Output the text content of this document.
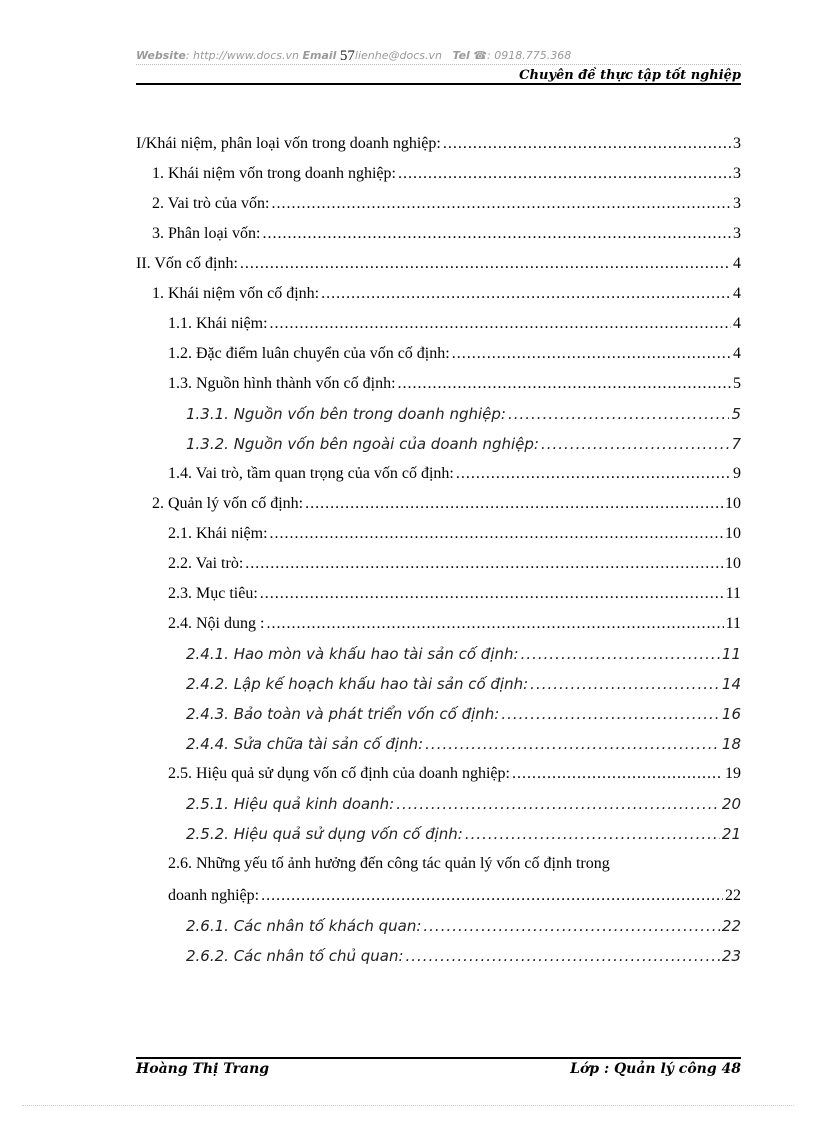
Website: http://www.docs.vn Email 57lienhe@docs.vn Tel ☎: 0918.775.368
Chuyên đề thực tập tốt nghiệp
I/Khái niệm, phân loại vốn trong doanh nghiệp: .....	3
1. Khái niệm vốn trong doanh nghiệp: .....	3
2. Vai trò của vốn: .....	3
3. Phân loại vốn: .....	3
II. Vốn cố định: .....	4
1. Khái niệm vốn cố định: .....	4
1.1. Khái niệm: .....	4
1.2. Đặc điểm luân chuyển của vốn cố định: .....	4
1.3. Nguồn hình thành vốn cố định: .....	5
1.3.1. Nguồn vốn bên trong doanh nghiệp: .....	5
1.3.2. Nguồn vốn bên ngoài của doanh nghiệp: .....	7
1.4. Vai trò, tầm quan trọng của vốn cố định: .....	9
2. Quản lý vốn cố định: .....	10
2.1. Khái niệm: .....	10
2.2. Vai trò: .....	10
2.3. Mục tiêu: .....	11
2.4. Nội dung : .....	11
2.4.1. Hao mòn và khấu hao tài sản cố định: .....	11
2.4.2. Lập kế hoạch khấu hao tài sản cố định: .....	14
2.4.3. Bảo toàn và phát triển vốn cố định: .....	16
2.4.4. Sửa chữa tài sản cố định: .....	18
2.5. Hiệu quả sử dụng vốn cố định của doanh nghiệp: .....	19
2.5.1. Hiệu quả kinh doanh: .....	20
2.5.2. Hiệu quả sử dụng vốn cố định: .....	21
2.6. Những yếu tố ảnh hưởng đến công tác quản lý vốn cố định trong
doanh nghiệp: .....	22
2.6.1. Các nhân tố khách quan: .....	22
2.6.2. Các nhân tố chủ quan: .....	23
Hoàng Thị Trang	Lớp : Quản lý công 48
